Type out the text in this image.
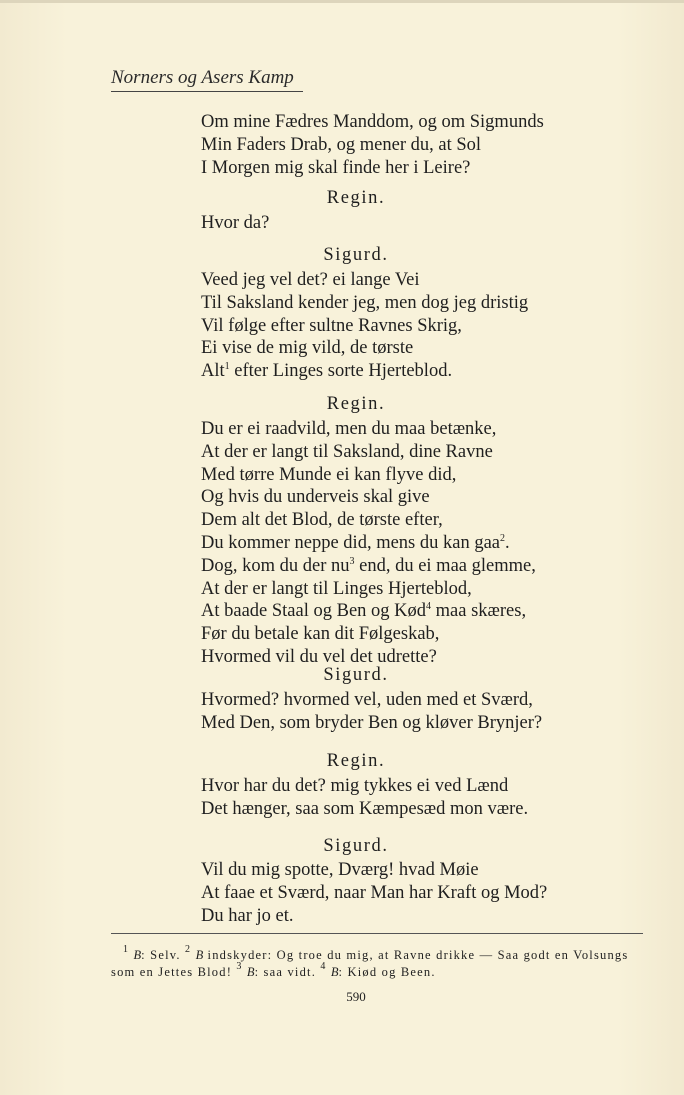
Norners og Asers Kamp
Om mine Fædres Manddom, og om Sigmunds
Min Faders Drab, og mener du, at Sol
I Morgen mig skal finde her i Leire?
Regin.
Hvor da?
Sigurd.
Veed jeg vel det? ei lange Vei
Til Saksland kender jeg, men dog jeg dristig
Vil følge efter sultne Ravnes Skrig,
Ei vise de mig vild, de tørste
Alt$^1$ efter Linges sorte Hjerteblod.
Regin.
Du er ei raadvild, men du maa betænke,
At der er langt til Saksland, dine Ravne
Med tørre Munde ei kan flyve did,
Og hvis du underveis skal give
Dem alt det Blod, de tørste efter,
Du kommer neppe did, mens du kan gaa$^2$.
Dog, kom du der $nu^3$ end, du ei maa glemme,
At der er langt til Linges Hjerteblod,
At baade Staal og Ben og Kød$^4$ maa skæres,
Før du betale kan dit Følgeskab,
Hvormed vil du vel det udrette?
Sigurd.
Hvormed? hvormed vel, uden med et Sværd,
Med Den, som bryder Ben og kløver Brynjer?
Regin.
Hvor har du det? mig tykkes ei ved Lænd
Det hænger, saa som Kæmpesæd mon være.
Sigurd.
Vil du mig spotte, Dværg! hvad Møie
At faae et Sværd, naar Man har Kraft og Mod?
Du har jo et.
$^1$ B: Selv. $^2$ B indskyder: Og troe du mig, at Ravne drikke — Saa godt en Volsungs som en Jettes Blod! $^3$ B: saa vidt. $^4$ B: Kiød og Been.
590
